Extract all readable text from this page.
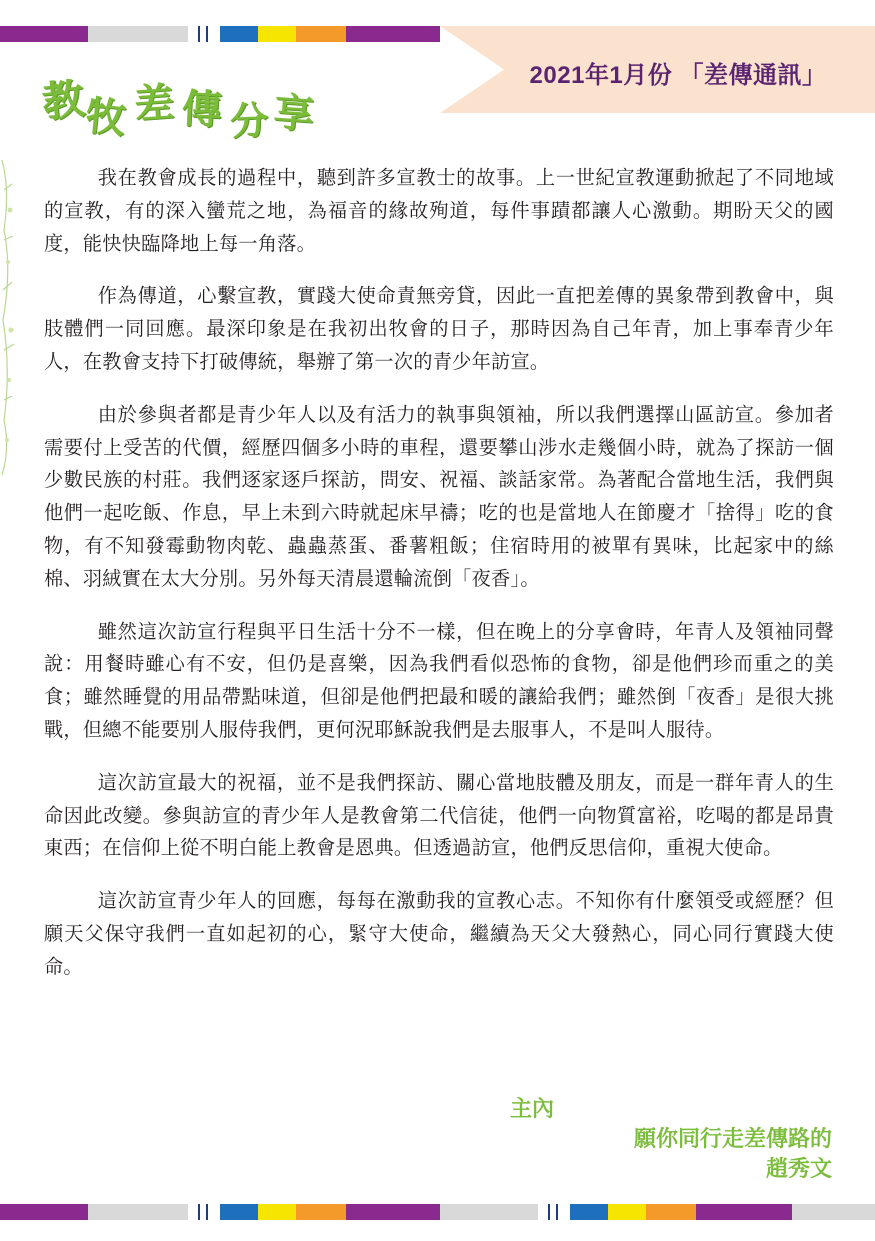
2021年1月份 「差傳通訊」
教
牧 差 傳 分 享

我在教會成長的過程中，聽到許多宣教士的故事。上一世紀宣教運動掀起了不同地域的宣教，有的深入蠻荒之地，為福音的緣故殉道，每件事蹟都讓人心激動。期盼天父的國度，能快快臨降地上每一角落。

作為傳道，心繫宣教，實踐大使命責無旁貸，因此一直把差傳的異象帶到教會中，與肢體們一同回應。最深印象是在我初出牧會的日子，那時因為自己年青，加上事奉青少年人，在教會支持下打破傳統，舉辦了第一次的青少年訪宣。

由於參與者都是青少年人以及有活力的執事與領袖，所以我們選擇山區訪宣。參加者需要付上受苦的代價，經歷四個多小時的車程，還要攀山涉水走幾個小時，就為了探訪一個少數民族的村莊。我們逐家逐戶探訪，問安、祝福、談話家常。為著配合當地生活，我們與他們一起吃飯、作息，早上未到六時就起床早禱；吃的也是當地人在節慶才「捨得」吃的食物，有不知發霉動物肉乾、蟲蟲蒸蛋、番薯粗飯；住宿時用的被單有異味，比起家中的絲棉、羽絨實在太大分別。另外每天清晨還輪流倒「夜香」。

雖然這次訪宣行程與平日生活十分不一樣，但在晚上的分享會時，年青人及領袖同聲說：用餐時雖心有不安，但仍是喜樂，因為我們看似恐怖的食物，卻是他們珍而重之的美食；雖然睡覺的用品帶點味道，但卻是他們把最和暖的讓給我們；雖然倒「夜香」是很大挑戰，但總不能要別人服侍我們，更何況耶穌說我們是去服事人，不是叫人服待。

這次訪宣最大的祝福，並不是我們探訪、關心當地肢體及朋友，而是一群年青人的生命因此改變。參與訪宣的青少年人是教會第二代信徒，他們一向物質富裕，吃喝的都是昂貴東西；在信仰上從不明白能上教會是恩典。但透過訪宣，他們反思信仰，重視大使命。

這次訪宣青少年人的回應，每每在激動我的宣教心志。不知你有什麼領受或經歷？但願天父保守我們一直如起初的心，緊守大使命，繼續為天父大發熱心，同心同行實踐大使命。

主內
願你同行走差傳路的
趙秀文
